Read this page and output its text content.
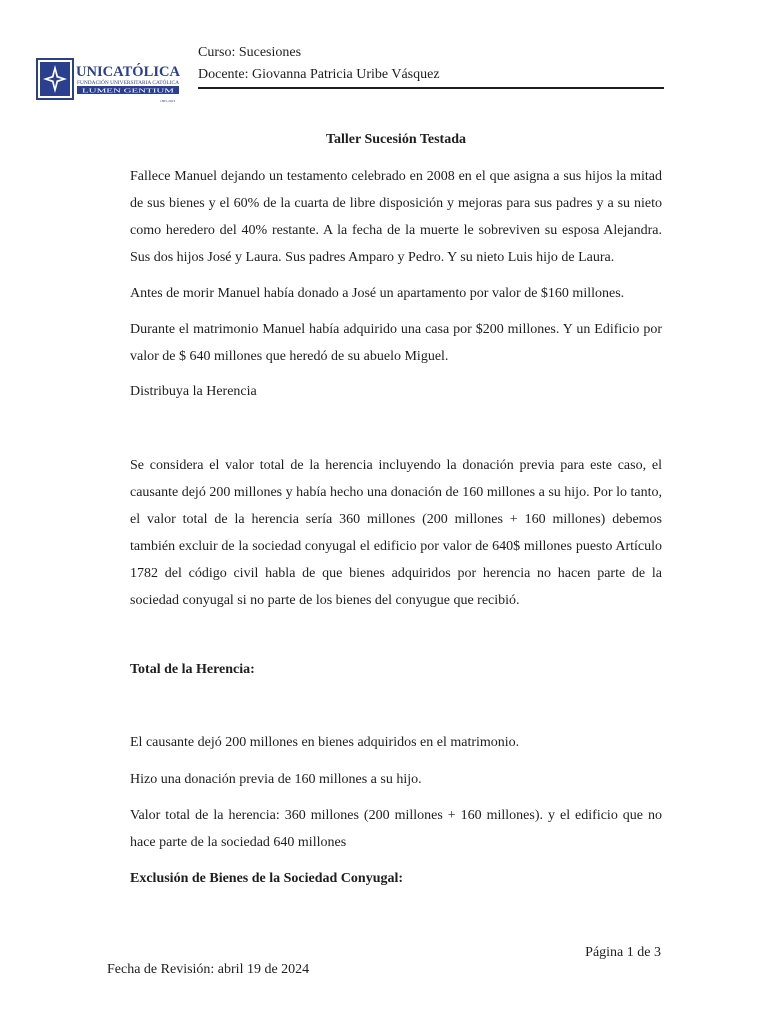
UNICATÓLICA
FUNDACIÓN UNIVERSITARIA CATÓLICA
LUMEN GENTIUM
1865-2023
Curso: Sucesiones
Docente: Giovanna Patricia Uribe Vásquez
Taller Sucesión Testada

Fallece Manuel dejando un testamento celebrado en 2008 en el que asigna a sus hijos la mitad de sus bienes y el 60% de la cuarta de libre disposición y mejoras para sus padres y a su nieto como heredero del 40% restante. A la fecha de la muerte le sobreviven su esposa Alejandra. Sus dos hijos José y Laura. Sus padres Amparo y Pedro. Y su nieto Luis hijo de Laura.

Antes de morir Manuel había donado a José un apartamento por valor de $160 millones.

Durante el matrimonio Manuel había adquirido una casa por $200 millones. Y un Edificio por valor de $ 640 millones que heredó de su abuelo Miguel.

Distribuya la Herencia

Se considera el valor total de la herencia incluyendo la donación previa para este caso, el causante dejó 200 millones y había hecho una donación de 160 millones a su hijo. Por lo tanto, el valor total de la herencia sería 360 millones (200 millones + 160 millones) debemos también excluir de la sociedad conyugal el edificio por valor de 640$ millones puesto Artículo 1782 del código civil habla de que bienes adquiridos por herencia no hacen parte de la sociedad conyugal si no parte de los bienes del conyugue que recibió.

Total de la Herencia:

El causante dejó 200 millones en bienes adquiridos en el matrimonio.

Hizo una donación previa de 160 millones a su hijo.

Valor total de la herencia: 360 millones (200 millones + 160 millones). y el edificio que no hace parte de la sociedad 640 millones

Exclusión de Bienes de la Sociedad Conyugal:

Página 1 de 3
Fecha de Revisión: abril 19 de 2024
